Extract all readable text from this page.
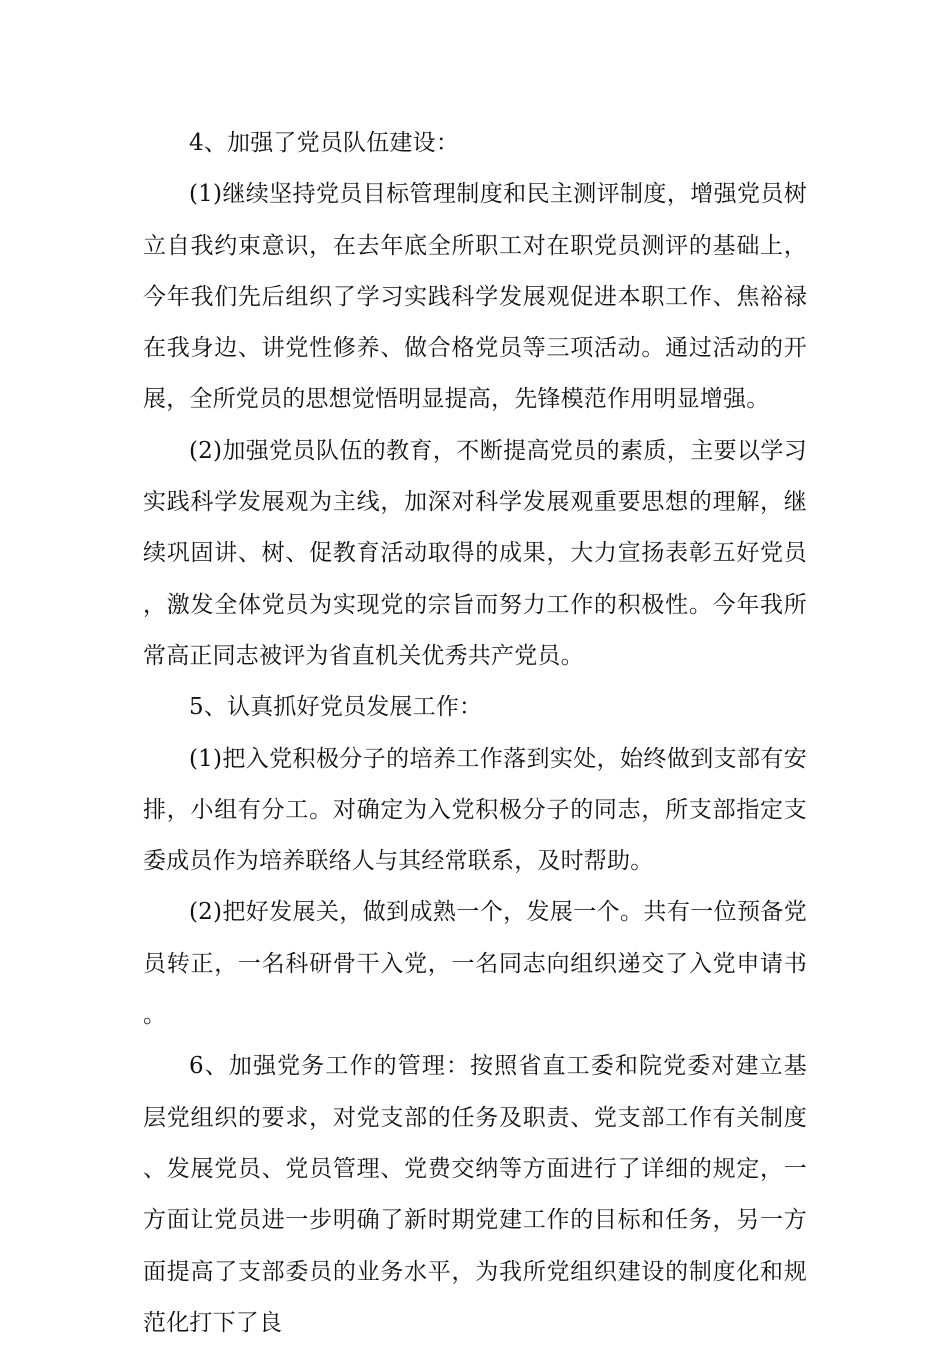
4、加强了党员队伍建设：

(1)继续坚持党员目标管理制度和民主测评制度，增强党员树立自我约束意识，在去年底全所职工对在职党员测评的基础上，今年我们先后组织了学习实践科学发展观促进本职工作、焦裕禄在我身边、讲党性修养、做合格党员等三项活动。通过活动的开展，全所党员的思想觉悟明显提高，先锋模范作用明显增强。

(2)加强党员队伍的教育，不断提高党员的素质，主要以学习实践科学发展观为主线，加深对科学发展观重要思想的理解，继续巩固讲、树、促教育活动取得的成果，大力宣扬表彰五好党员，激发全体党员为实现党的宗旨而努力工作的积极性。今年我所常高正同志被评为省直机关优秀共产党员。

5、认真抓好党员发展工作：

(1)把入党积极分子的培养工作落到实处，始终做到支部有安排，小组有分工。对确定为入党积极分子的同志，所支部指定支委成员作为培养联络人与其经常联系，及时帮助。

(2)把好发展关，做到成熟一个，发展一个。共有一位预备党员转正，一名科研骨干入党，一名同志向组织递交了入党申请书。

6、加强党务工作的管理：按照省直工委和院党委对建立基层党组织的要求，对党支部的任务及职责、党支部工作有关制度、发展党员、党员管理、党费交纳等方面进行了详细的规定，一方面让党员进一步明确了新时期党建工作的目标和任务，另一方面提高了支部委员的业务水平，为我所党组织建设的制度化和规范化打下了良
